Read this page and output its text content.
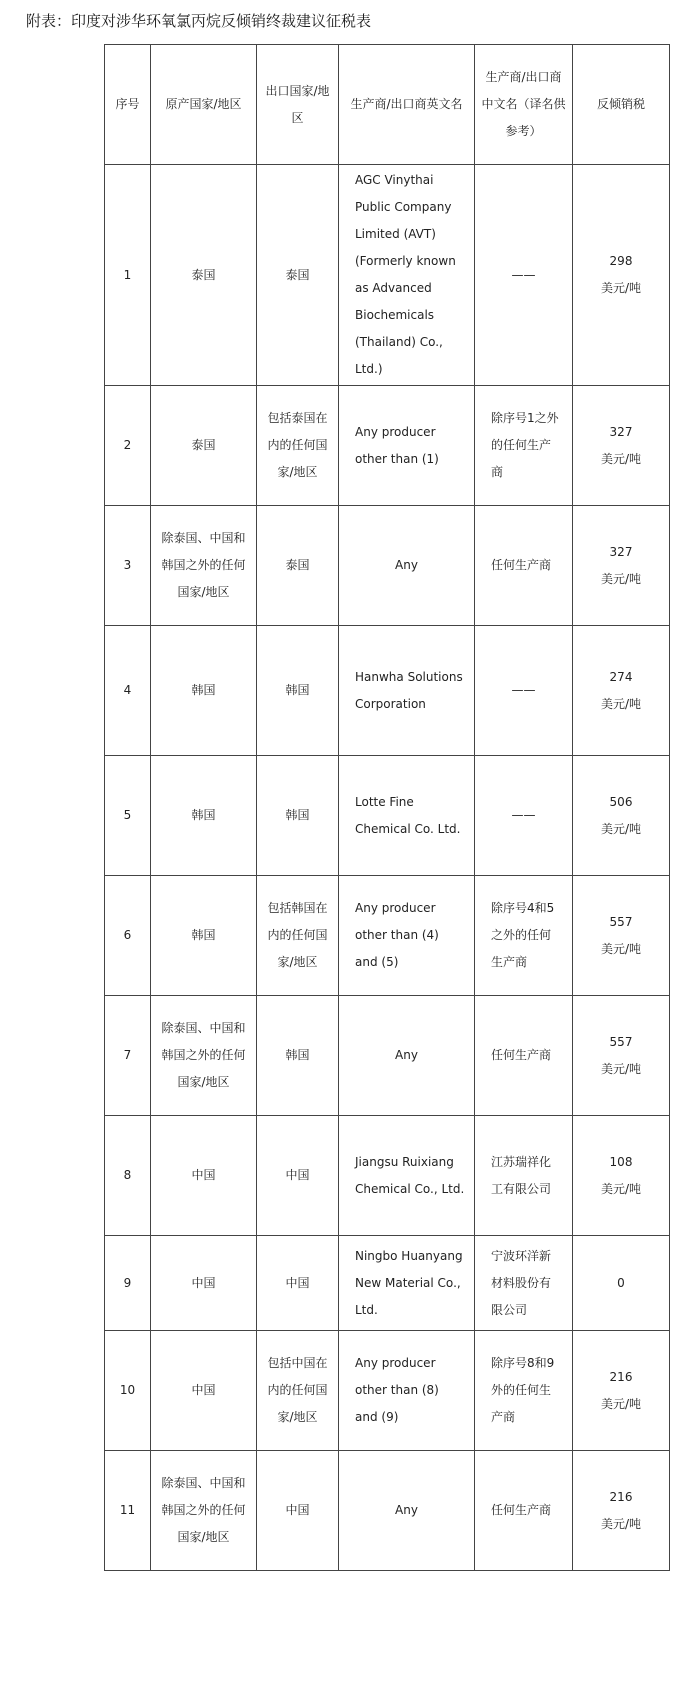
附表：印度对涉华环氧氯丙烷反倾销终裁建议征税表
序号	原产国家/地区	出口国家/地区	生产商/出口商英文名	生产商/出口商中文名（译名供参考）	反倾销税
1	泰国	泰国	AGC Vinythai Public Company Limited (AVT) (Formerly known as Advanced Biochemicals (Thailand) Co., Ltd.)	——	298
美元/吨
2	泰国	包括泰国在内的任何国家/地区	Any producer other than (1)	除序号1之外的任何生产商	327
美元/吨
3	除泰国、中国和韩国之外的任何国家/地区	泰国	Any	任何生产商	327
美元/吨
4	韩国	韩国	Hanwha Solutions Corporation	——	274
美元/吨
5	韩国	韩国	Lotte Fine Chemical Co. Ltd.	——	506
美元/吨
6	韩国	包括韩国在内的任何国家/地区	Any producer other than (4) and (5)	除序号4和5之外的任何生产商	557
美元/吨
7	除泰国、中国和韩国之外的任何国家/地区	韩国	Any	任何生产商	557
美元/吨
8	中国	中国	Jiangsu Ruixiang Chemical Co., Ltd.	江苏瑞祥化工有限公司	108
美元/吨
9	中国	中国	Ningbo Huanyang New Material Co., Ltd.	宁波环洋新材料股份有限公司	0

10	中国	包括中国在内的任何国家/地区	Any producer other than (8) and (9)	除序号8和9外的任何生产商	216
美元/吨
11	除泰国、中国和韩国之外的任何国家/地区	中国	Any	任何生产商	216
美元/吨
